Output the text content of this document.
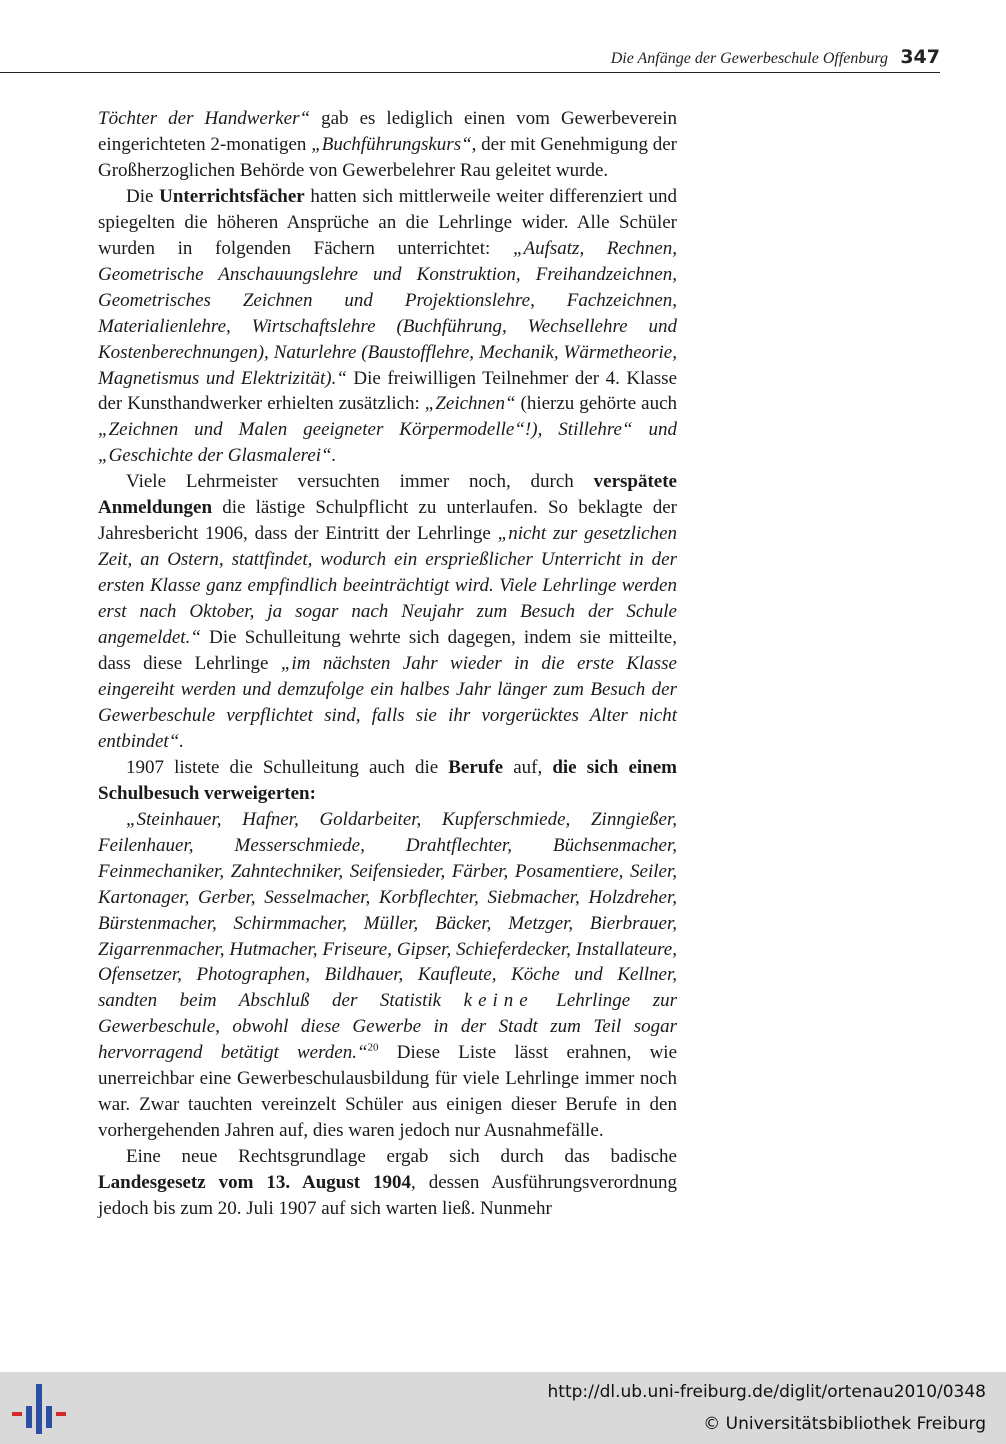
Die Anfänge der Gewerbeschule Offenburg 347

Töchter der Handwerker“ gab es lediglich einen vom Gewerbeverein eingerichteten 2-monatigen „Buchführungskurs“, der mit Genehmigung der Großherzoglichen Behörde von Gewerbelehrer Rau geleitet wurde.

Die Unterrichtsfächer hatten sich mittlerweile weiter differenziert und spiegelten die höheren Ansprüche an die Lehrlinge wider. Alle Schüler wurden in folgenden Fächern unterrichtet: „Aufsatz, Rechnen, Geometrische Anschauungslehre und Konstruktion, Freihandzeichnen, Geometrisches Zeichnen und Projektionslehre, Fachzeichnen, Materialienlehre, Wirtschaftslehre (Buchführung, Wechsellehre und Kostenberechnungen), Naturlehre (Baustofflehre, Mechanik, Wärmetheorie, Magnetismus und Elektrizität).“ Die freiwilligen Teilnehmer der 4. Klasse der Kunsthandwerker erhielten zusätzlich: „Zeichnen“ (hierzu gehörte auch „Zeichnen und Malen geeigneter Körpermodelle“!), Stillehre“ und „Geschichte der Glasmalerei“.

Viele Lehrmeister versuchten immer noch, durch verspätete Anmeldungen die lästige Schulpflicht zu unterlaufen. So beklagte der Jahresbericht 1906, dass der Eintritt der Lehrlinge „nicht zur gesetzlichen Zeit, an Ostern, stattfindet, wodurch ein ersprießlicher Unterricht in der ersten Klasse ganz empfindlich beeinträchtigt wird. Viele Lehrlinge werden erst nach Oktober, ja sogar nach Neujahr zum Besuch der Schule angemeldet.“ Die Schulleitung wehrte sich dagegen, indem sie mitteilte, dass diese Lehrlinge „im nächsten Jahr wieder in die erste Klasse eingereiht werden und demzufolge ein halbes Jahr länger zum Besuch der Gewerbeschule verpflichtet sind, falls sie ihr vorgerücktes Alter nicht entbindet“.

1907 listete die Schulleitung auch die Berufe auf, die sich einem Schulbesuch verweigerten:

„Steinhauer, Hafner, Goldarbeiter, Kupferschmiede, Zinngießer, Feilenhauer, Messerschmiede, Drahtflechter, Büchsenmacher, Feinmechaniker, Zahntechniker, Seifensieder, Färber, Posamentiere, Seiler, Kartonager, Gerber, Sesselmacher, Korbflechter, Siebmacher, Holzdreher, Bürstenmacher, Schirmmacher, Müller, Bäcker, Metzger, Bierbrauer, Zigarrenmacher, Hutmacher, Friseure, Gipser, Schieferdecker, Installateure, Ofensetzer, Photographen, Bildhauer, Kaufleute, Köche und Kellner, sandten beim Abschluß der Statistik keine Lehrlinge zur Gewerbeschule, obwohl diese Gewerbe in der Stadt zum Teil sogar hervorragend betätigt werden.“$^{20}$ Diese Liste lässt erahnen, wie unerreichbar eine Gewerbeschulausbildung für viele Lehrlinge immer noch war. Zwar tauchten vereinzelt Schüler aus einigen dieser Berufe in den vorhergehenden Jahren auf, dies waren jedoch nur Ausnahmefälle.

Eine neue Rechtsgrundlage ergab sich durch das badische Landesgesetz vom 13. August 1904, dessen Ausführungsverordnung jedoch bis zum 20. Juli 1907 auf sich warten ließ. Nunmehr

http://dl.ub.uni-freiburg.de/diglit/ortenau2010/0348
© Universitätsbibliothek Freiburg
